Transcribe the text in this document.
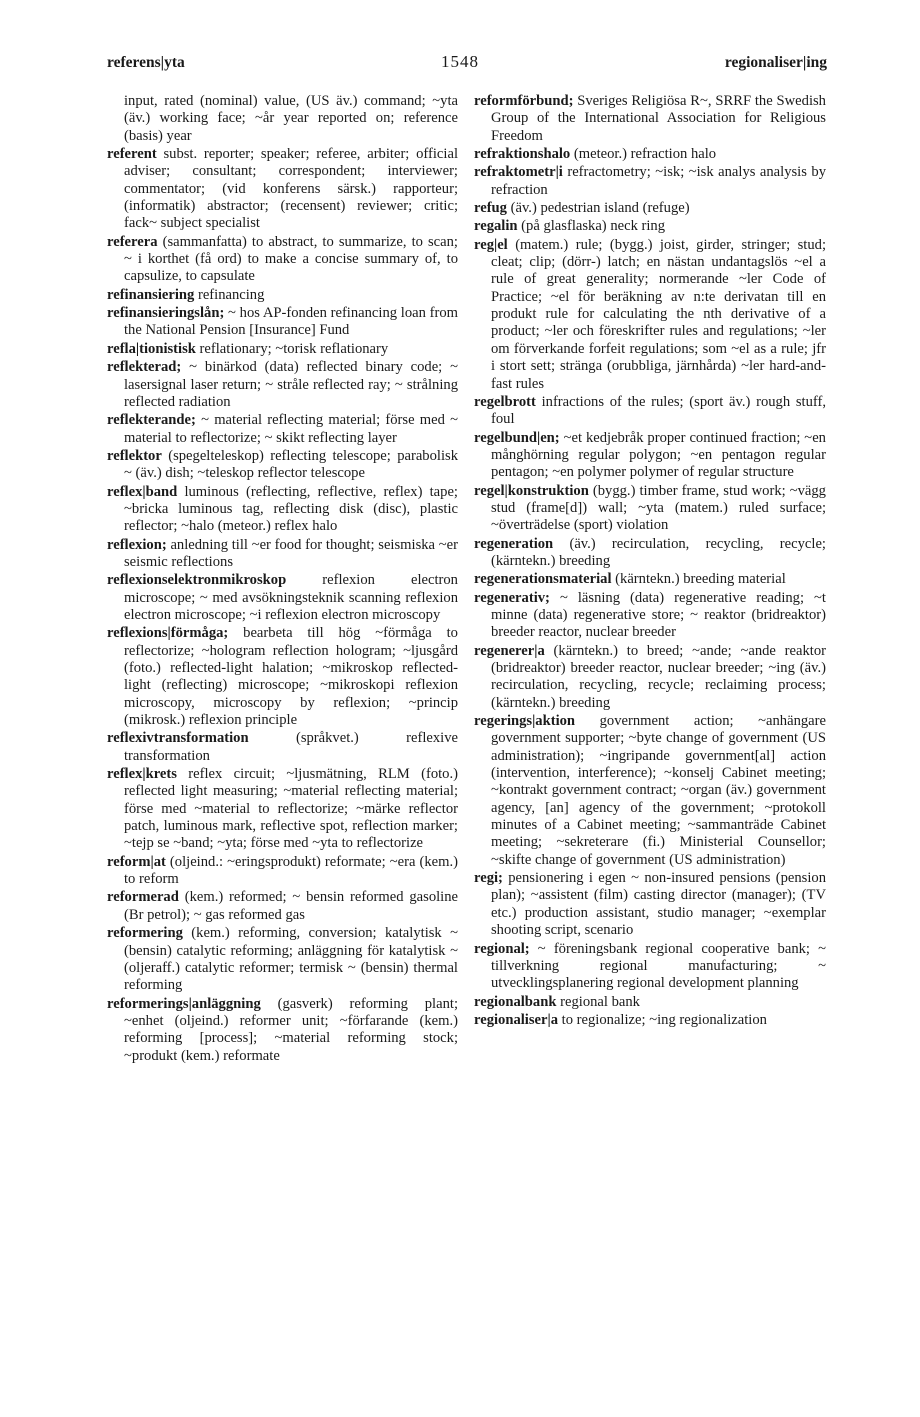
referens|yta	1548	regionaliser|ing
input, rated (nominal) value, (US äv.) command; ~yta (äv.) working face; ~år year reported on; reference (basis) year
referent subst. reporter; speaker; referee, arbiter; official adviser; consultant; correspondent; interviewer; commentator; (vid konferens särsk.) rapporteur; (informatik) abstractor; (recensent) reviewer; critic; fack~ subject specialist
referera (sammanfatta) to abstract, to summarize, to scan; ~ i korthet (få ord) to make a concise summary of, to capsulize, to capsulate
refinansiering refinancing
refinansieringslån; ~ hos AP-fonden refinancing loan from the National Pension [Insurance] Fund
refla|tionistisk reflationary; ~torisk reflationary
reflekterad; ~ binärkod (data) reflected binary code; ~ lasersignal laser return; ~ stråle reflected ray; ~ strålning reflected radiation
reflekterande; ~ material reflecting material; förse med ~ material to reflectorize; ~ skikt reflecting layer
reflektor (spegelteleskop) reflecting telescope; parabolisk ~ (äv.) dish; ~teleskop reflector telescope
reflex|band luminous (reflecting, reflective, reflex) tape; ~bricka luminous tag, reflecting disk (disc), plastic reflector; ~halo (meteor.) reflex halo
reflexion; anledning till ~er food for thought; seismiska ~er seismic reflections
reflexionselektronmikroskop reflexion electron microscope; ~ med avsökningsteknik scanning reflexion electron microscope; ~i reflexion electron microscopy
reflexions|förmåga; bearbeta till hög ~förmåga to reflectorize; ~hologram reflection hologram; ~ljusgård (foto.) reflected-light halation; ~mikroskop reflected-light (reflecting) microscope; ~mikroskopi reflexion microscopy, microscopy by reflexion; ~princip (mikrosk.) reflexion principle
reflexivtransformation	(språkvet.) reflexive transformation
reflex|krets reflex circuit; ~ljusmätning, RLM (foto.) reflected light measuring; ~material reflecting material; förse med ~material to reflectorize; ~märke reflector patch, luminous mark, reflective spot, reflection marker; ~tejp se ~band; ~yta; förse med ~yta to reflectorize
reform|at (oljeind.: ~eringsprodukt) reformate; ~era (kem.) to reform
reformerad (kem.) reformed; ~ bensin reformed gasoline (Br petrol); ~ gas reformed gas
reformering (kem.) reforming, conversion; katalytisk ~ (bensin) catalytic reforming; anläggning för katalytisk ~ (oljeraff.) catalytic reformer; termisk ~ (bensin) thermal reforming
reformerings|anläggning (gasverk) reforming plant; ~enhet (oljeind.) reformer unit; ~förfarande (kem.) reforming [process]; ~material reforming stock; ~produkt (kem.) reformate
reformförbund; Sveriges Religiösa R~, SRRF the Swedish Group of the International Association for Religious Freedom
refraktionshalo (meteor.) refraction halo
refraktometr|i refractometry; ~isk; ~isk analys analysis by refraction
refug (äv.) pedestrian island (refuge)
regalin (på glasflaska) neck ring
reg|el (matem.) rule; (bygg.) joist, girder, stringer; stud; cleat; clip; (dörr-) latch; en nästan undantagslös ~el a rule of great generality; normerande ~ler Code of Practice; ~el för beräkning av n:te derivatan till en produkt rule for calculating the nth derivative of a product; ~ler och föreskrifter rules and regulations; ~ler om förverkande forfeit regulations; som ~el as a rule; jfr i stort sett; stränga (orubbliga, järnhårda) ~ler hard-and-fast rules
regelbrott infractions of the rules; (sport äv.) rough stuff, foul
regelbund|en; ~et kedjebråk proper continued fraction; ~en månghörning regular polygon; ~en pentagon regular pentagon; ~en polymer polymer of regular structure
regel|konstruktion (bygg.) timber frame, stud work; ~vägg stud (frame[d]) wall; ~yta (matem.) ruled surface; ~överträdelse (sport) violation
regeneration (äv.) recirculation, recycling, recycle; (kärntekn.) breeding
regenerationsmaterial (kärntekn.) breeding material
regenerativ; ~ läsning (data) regenerative reading; ~t minne (data) regenerative store; ~ reaktor (bridreaktor) breeder reactor, nuclear breeder
regenerer|a (kärntekn.) to breed; ~ande; ~ande reaktor (bridreaktor) breeder reactor, nuclear breeder; ~ing (äv.) recirculation, recycling, recycle; reclaiming process; (kärntekn.) breeding
regerings|aktion government action; ~anhängare government supporter; ~byte change of government (US administration); ~ingripande government[al] action (intervention, interference); ~konselj Cabinet meeting; ~kontrakt government contract; ~organ (äv.) government agency, [an] agency of the government; ~protokoll minutes of a Cabinet meeting; ~sammanträde Cabinet meeting; ~sekreterare (fi.) Ministerial Counsellor; ~skifte change of government (US administration)
regi; pensionering i egen ~ non-insured pensions (pension plan); ~assistent (film) casting director (manager); (TV etc.) production assistant, studio manager; ~exemplar shooting script, scenario
regional; ~ föreningsbank regional cooperative bank; ~ tillverkning regional manufacturing; ~ utvecklingsplanering regional development planning
regionalbank regional bank
regionaliser|a to regionalize; ~ing regionalization
